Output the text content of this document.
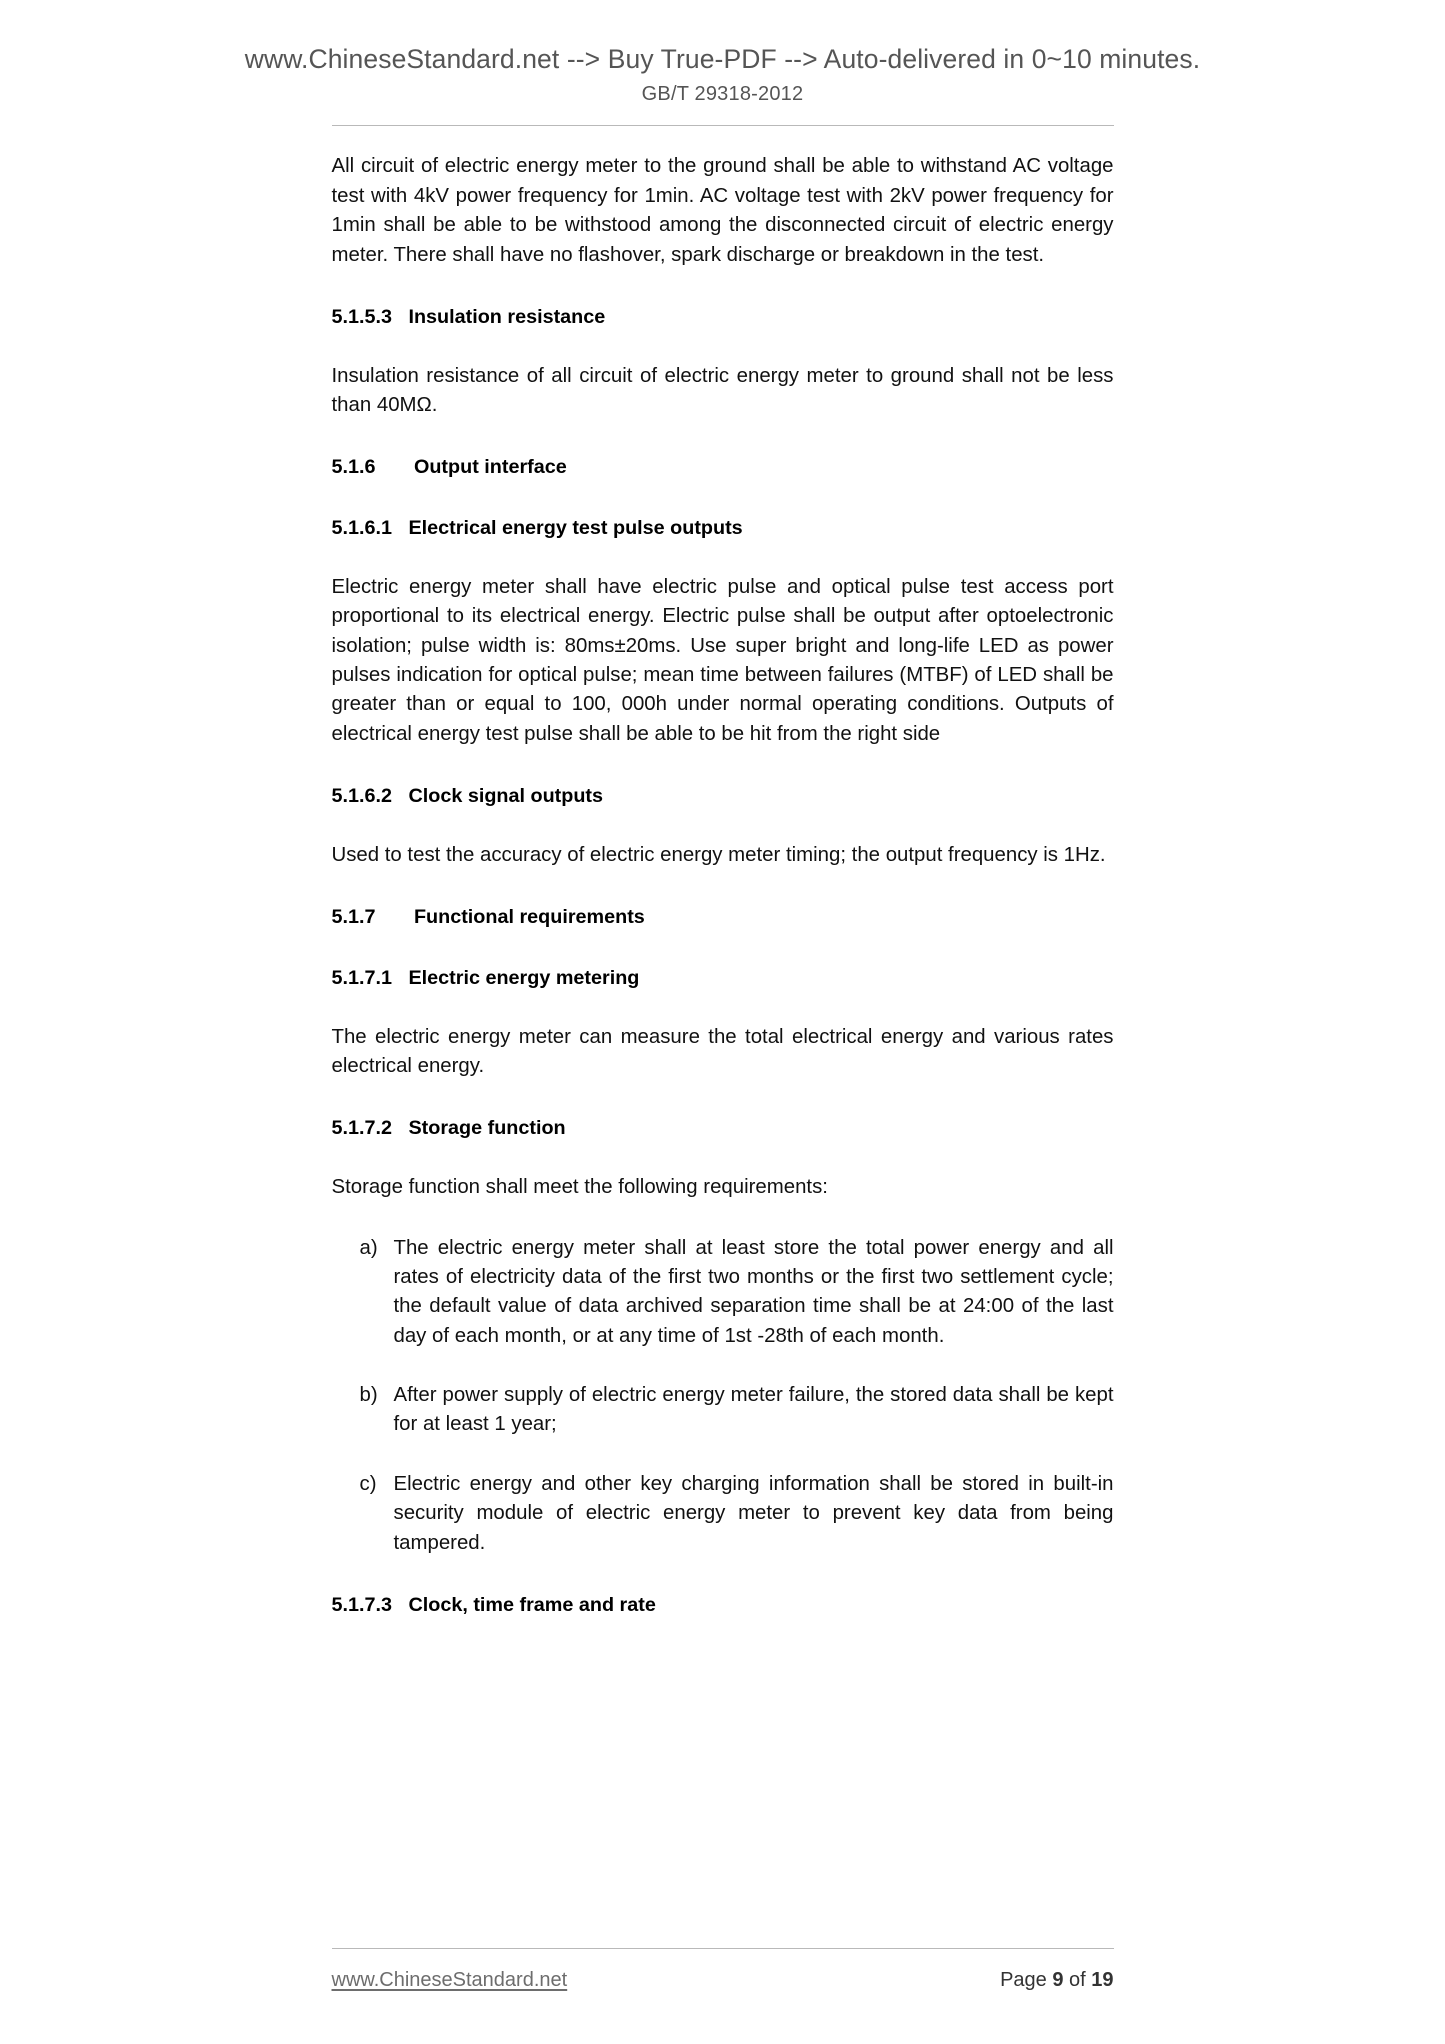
www.ChineseStandard.net --> Buy True-PDF --> Auto-delivered in 0~10 minutes.
GB/T 29318-2012

All circuit of electric energy meter to the ground shall be able to withstand AC voltage test with 4kV power frequency for 1min. AC voltage test with 2kV power frequency for 1min shall be able to be withstood among the disconnected circuit of electric energy meter. There shall have no flashover, spark discharge or breakdown in the test.

5.1.5.3   Insulation resistance

Insulation resistance of all circuit of electric energy meter to ground shall not be less than 40MΩ.

5.1.6       Output interface
5.1.6.1   Electrical energy test pulse outputs

Electric energy meter shall have electric pulse and optical pulse test access port proportional to its electrical energy. Electric pulse shall be output after optoelectronic isolation; pulse width is: 80ms±20ms. Use super bright and long-life LED as power pulses indication for optical pulse; mean time between failures (MTBF) of LED shall be greater than or equal to 100, 000h under normal operating conditions. Outputs of electrical energy test pulse shall be able to be hit from the right side

5.1.6.2   Clock signal outputs

Used to test the accuracy of electric energy meter timing; the output frequency is 1Hz.

5.1.7       Functional requirements
5.1.7.1   Electric energy metering

The electric energy meter can measure the total electrical energy and various rates electrical energy.

5.1.7.2   Storage function

Storage function shall meet the following requirements:

a) The electric energy meter shall at least store the total power energy and all rates of electricity data of the first two months or the first two settlement cycle; the default value of data archived separation time shall be at 24:00 of the last day of each month, or at any time of 1st -28th of each month.
b) After power supply of electric energy meter failure, the stored data shall be kept for at least 1 year;
c) Electric energy and other key charging information shall be stored in built-in security module of electric energy meter to prevent key data from being tampered.
5.1.7.3   Clock, time frame and rate
www.ChineseStandard.net	Page 9 of 19
